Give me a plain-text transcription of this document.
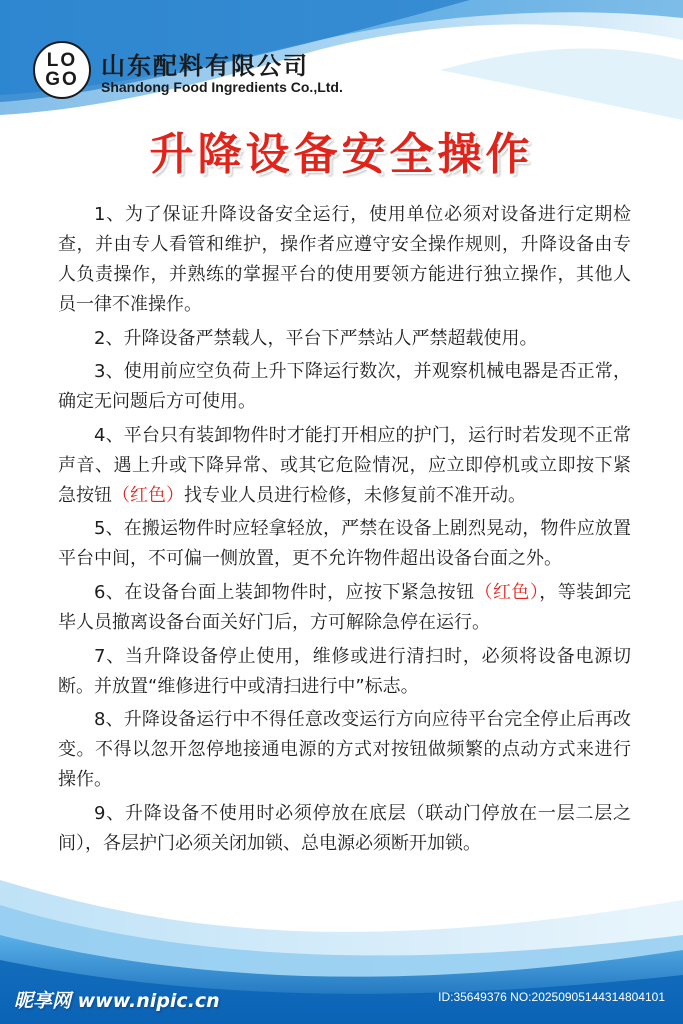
LOGO 山东配料有限公司
Shandong Food Ingredients Co.,Ltd.
升降设备安全操作

1、为了保证升降设备安全运行，使用单位必须对设备进行定期检查，并由专人看管和维护，操作者应遵守安全操作规则，升降设备由专人负责操作，并熟练的掌握平台的使用要领方能进行独立操作，其他人员一律不准操作。

2、升降设备严禁载人，平台下严禁站人严禁超载使用。

3、使用前应空负荷上升下降运行数次，并观察机械电器是否正常，确定无问题后方可使用。

4、平台只有装卸物件时才能打开相应的护门，运行时若发现不正常声音、遇上升或下降异常、或其它危险情况，应立即停机或立即按下紧急按钮（红色）找专业人员进行检修，未修复前不准开动。

5、在搬运物件时应轻拿轻放，严禁在设备上剧烈晃动，物件应放置平台中间，不可偏一侧放置，更不允许物件超出设备台面之外。

6、在设备台面上装卸物件时，应按下紧急按钮（红色），等装卸完毕人员撤离设备台面关好门后，方可解除急停在运行。

7、当升降设备停止使用，维修或进行清扫时，必须将设备电源切断。并放置“维修进行中或清扫进行中”标志。

8、升降设备运行中不得任意改变运行方向应待平台完全停止后再改变。不得以忽开忽停地接通电源的方式对按钮做频繁的点动方式来进行操作。

9、升降设备不使用时必须停放在底层（联动门停放在一层二层之间），各层护门必须关闭加锁、总电源必须断开加锁。

昵享网 www.nipic.cn	ID:35649376 NO:20250905144314804101
